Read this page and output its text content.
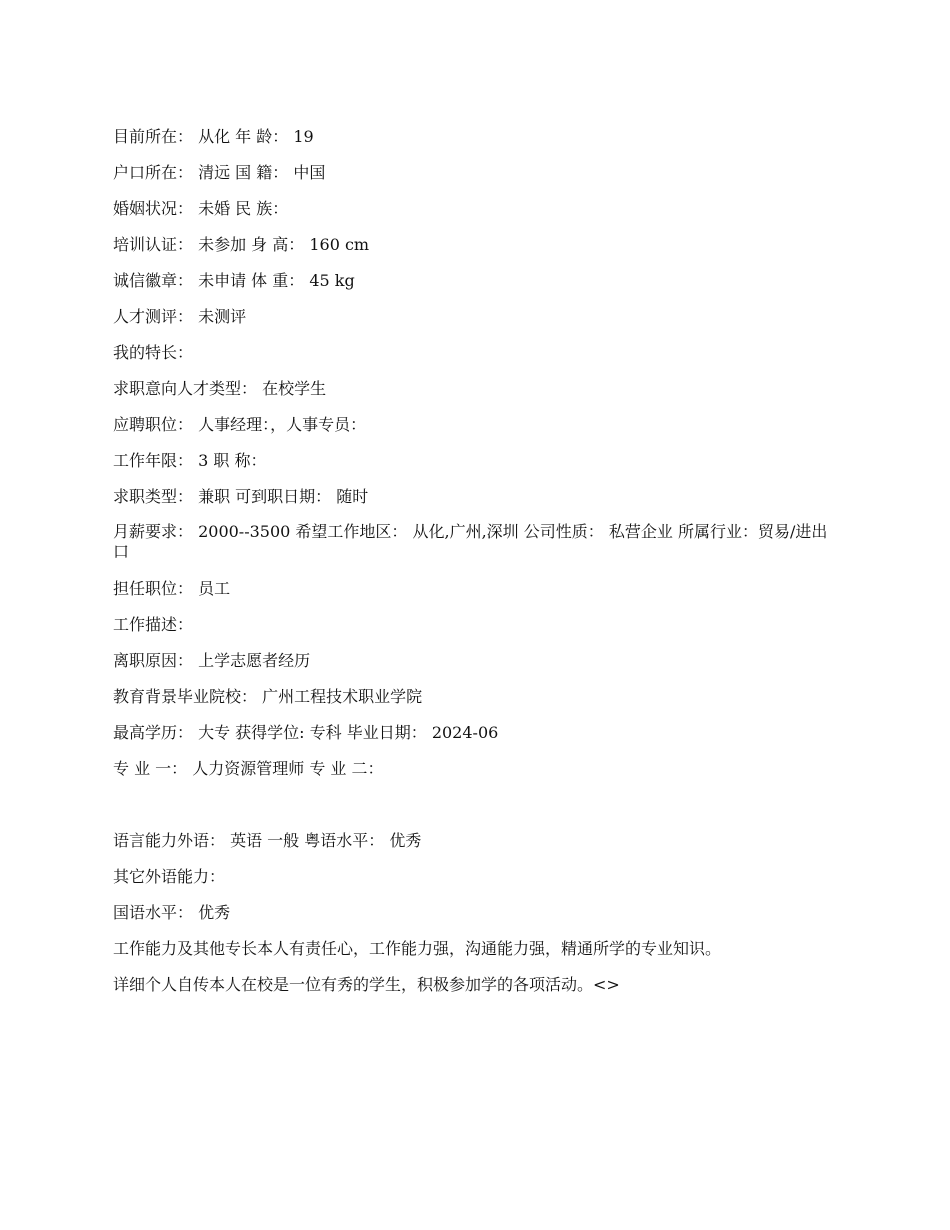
目前所在： 从化 年 龄： 19
户口所在： 清远 国 籍： 中国
婚姻状况： 未婚 民 族：
培训认证： 未参加 身 高： 160 cm
诚信徽章： 未申请 体 重： 45 kg
人才测评： 未测评
我的特长：
求职意向人才类型： 在校学生
应聘职位： 人事经理：，人事专员：
工作年限： 3 职 称：
求职类型： 兼职 可到职日期： 随时
月薪要求： 2000--3500 希望工作地区： 从化,广州,深圳 公司性质： 私营企业 所属行业：贸易/进出口
担任职位： 员工
工作描述：
离职原因： 上学志愿者经历
教育背景毕业院校： 广州工程技术职业学院
最高学历： 大专 获得学位: 专科 毕业日期： 2024-06
专 业 一： 人力资源管理师 专 业 二：
语言能力外语： 英语 一般 粤语水平： 优秀
其它外语能力：
国语水平： 优秀
工作能力及其他专长本人有责任心，工作能力强，沟通能力强，精通所学的专业知识。
详细个人自传本人在校是一位有秀的学生，积极参加学的各项活动。<>
